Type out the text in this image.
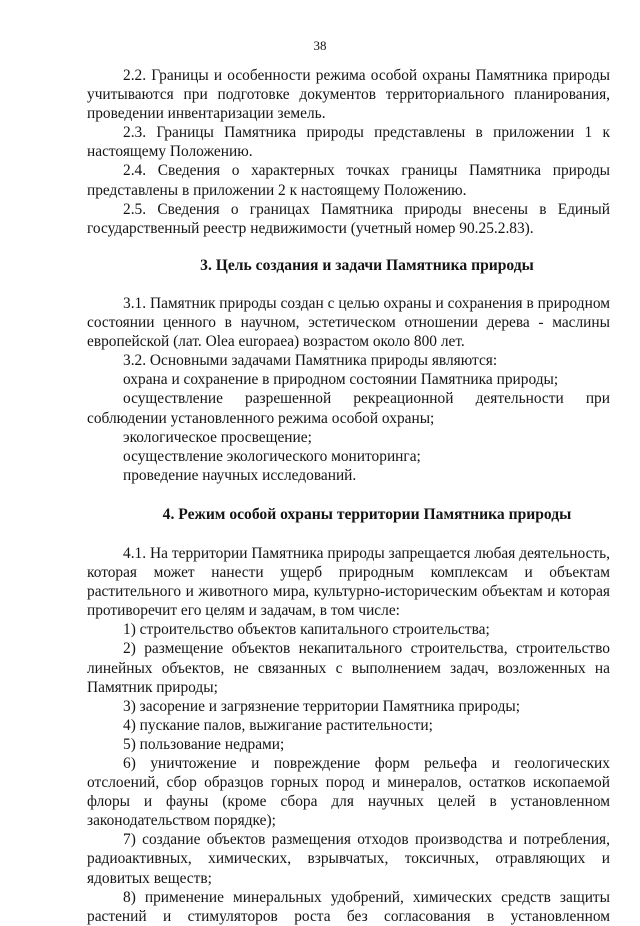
38

2.2. Границы и особенности режима особой охраны Памятника природы учитываются при подготовке документов территориального планирования, проведении инвентаризации земель.

2.3. Границы Памятника природы представлены в приложении 1 к настоящему Положению.

2.4. Сведения о характерных точках границы Памятника природы представлены в приложении 2 к настоящему Положению.

2.5. Сведения о границах Памятника природы внесены в Единый государственный реестр недвижимости (учетный номер 90.25.2.83).

3. Цель создания и задачи Памятника природы

3.1. Памятник природы создан с целью охраны и сохранения в природном состоянии ценного в научном, эстетическом отношении дерева - маслины европейской (лат. Olea europaea) возрастом около 800 лет.

3.2. Основными задачами Памятника природы являются:

охрана и сохранение в природном состоянии Памятника природы;

осуществление разрешенной рекреационной деятельности при соблюдении установленного режима особой охраны;

экологическое просвещение;

осуществление экологического мониторинга;

проведение научных исследований.

4. Режим особой охраны территории Памятника природы

4.1. На территории Памятника природы запрещается любая деятельность, которая может нанести ущерб природным комплексам и объектам растительного и животного мира, культурно-историческим объектам и которая противоречит его целям и задачам, в том числе:

1) строительство объектов капитального строительства;

2) размещение объектов некапитального строительства, строительство линейных объектов, не связанных с выполнением задач, возложенных на Памятник природы;

3) засорение и загрязнение территории Памятника природы;

4) пускание палов, выжигание растительности;

5) пользование недрами;

6) уничтожение и повреждение форм рельефа и геологических отслоений, сбор образцов горных пород и минералов, остатков ископаемой флоры и фауны (кроме сбора для научных целей в установленном законодательством порядке);

7) создание объектов размещения отходов производства и потребления, радиоактивных, химических, взрывчатых, токсичных, отравляющих и ядовитых веществ;

8) применение минеральных удобрений, химических средств защиты растений и стимуляторов роста без согласования в установленном
